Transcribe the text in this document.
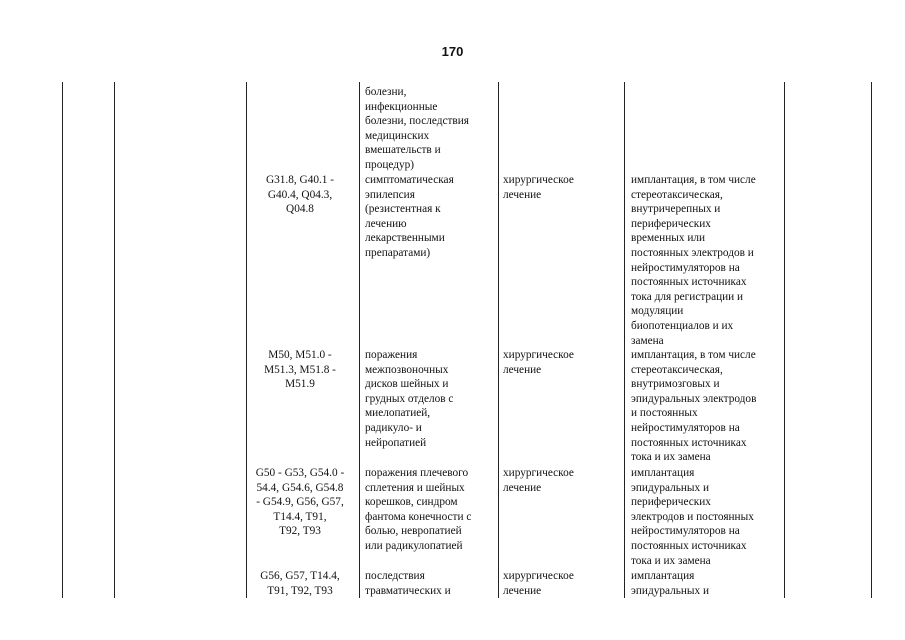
170
болезни,
инфекционные
болезни, последствия
медицинских
вмешательств и
процедур)
G31.8, G40.1 -
G40.4, Q04.3,
Q04.8
симптоматическая
эпилепсия
(резистентная к
лечению
лекарственными
препаратами)
хирургическое
лечение
имплантация, в том числе
стереотаксическая,
внутричерепных и
периферических
временных или
постоянных электродов и
нейростимуляторов на
постоянных источниках
тока для регистрации и
модуляции
биопотенциалов и их
замена
M50, M51.0 -
M51.3, M51.8 -
M51.9
поражения
межпозвоночных
дисков шейных и
грудных отделов с
миелопатией,
радикуло- и
нейропатией
хирургическое
лечение
имплантация, в том числе
стереотаксическая,
внутримозговых и
эпидуральных электродов
и постоянных
нейростимуляторов на
постоянных источниках
тока и их замена
G50 - G53, G54.0 -
54.4, G54.6, G54.8
- G54.9, G56, G57,
T14.4, T91,
T92, T93
поражения плечевого
сплетения и шейных
корешков, синдром
фантома конечности с
болью, невропатией
или радикулопатией
хирургическое
лечение
имплантация
эпидуральных и
периферических
электродов и постоянных
нейростимуляторов на
постоянных источниках
тока и их замена
G56, G57, T14.4,
T91, T92, T93
последствия
травматических и
хирургическое
лечение
имплантация
эпидуральных и
